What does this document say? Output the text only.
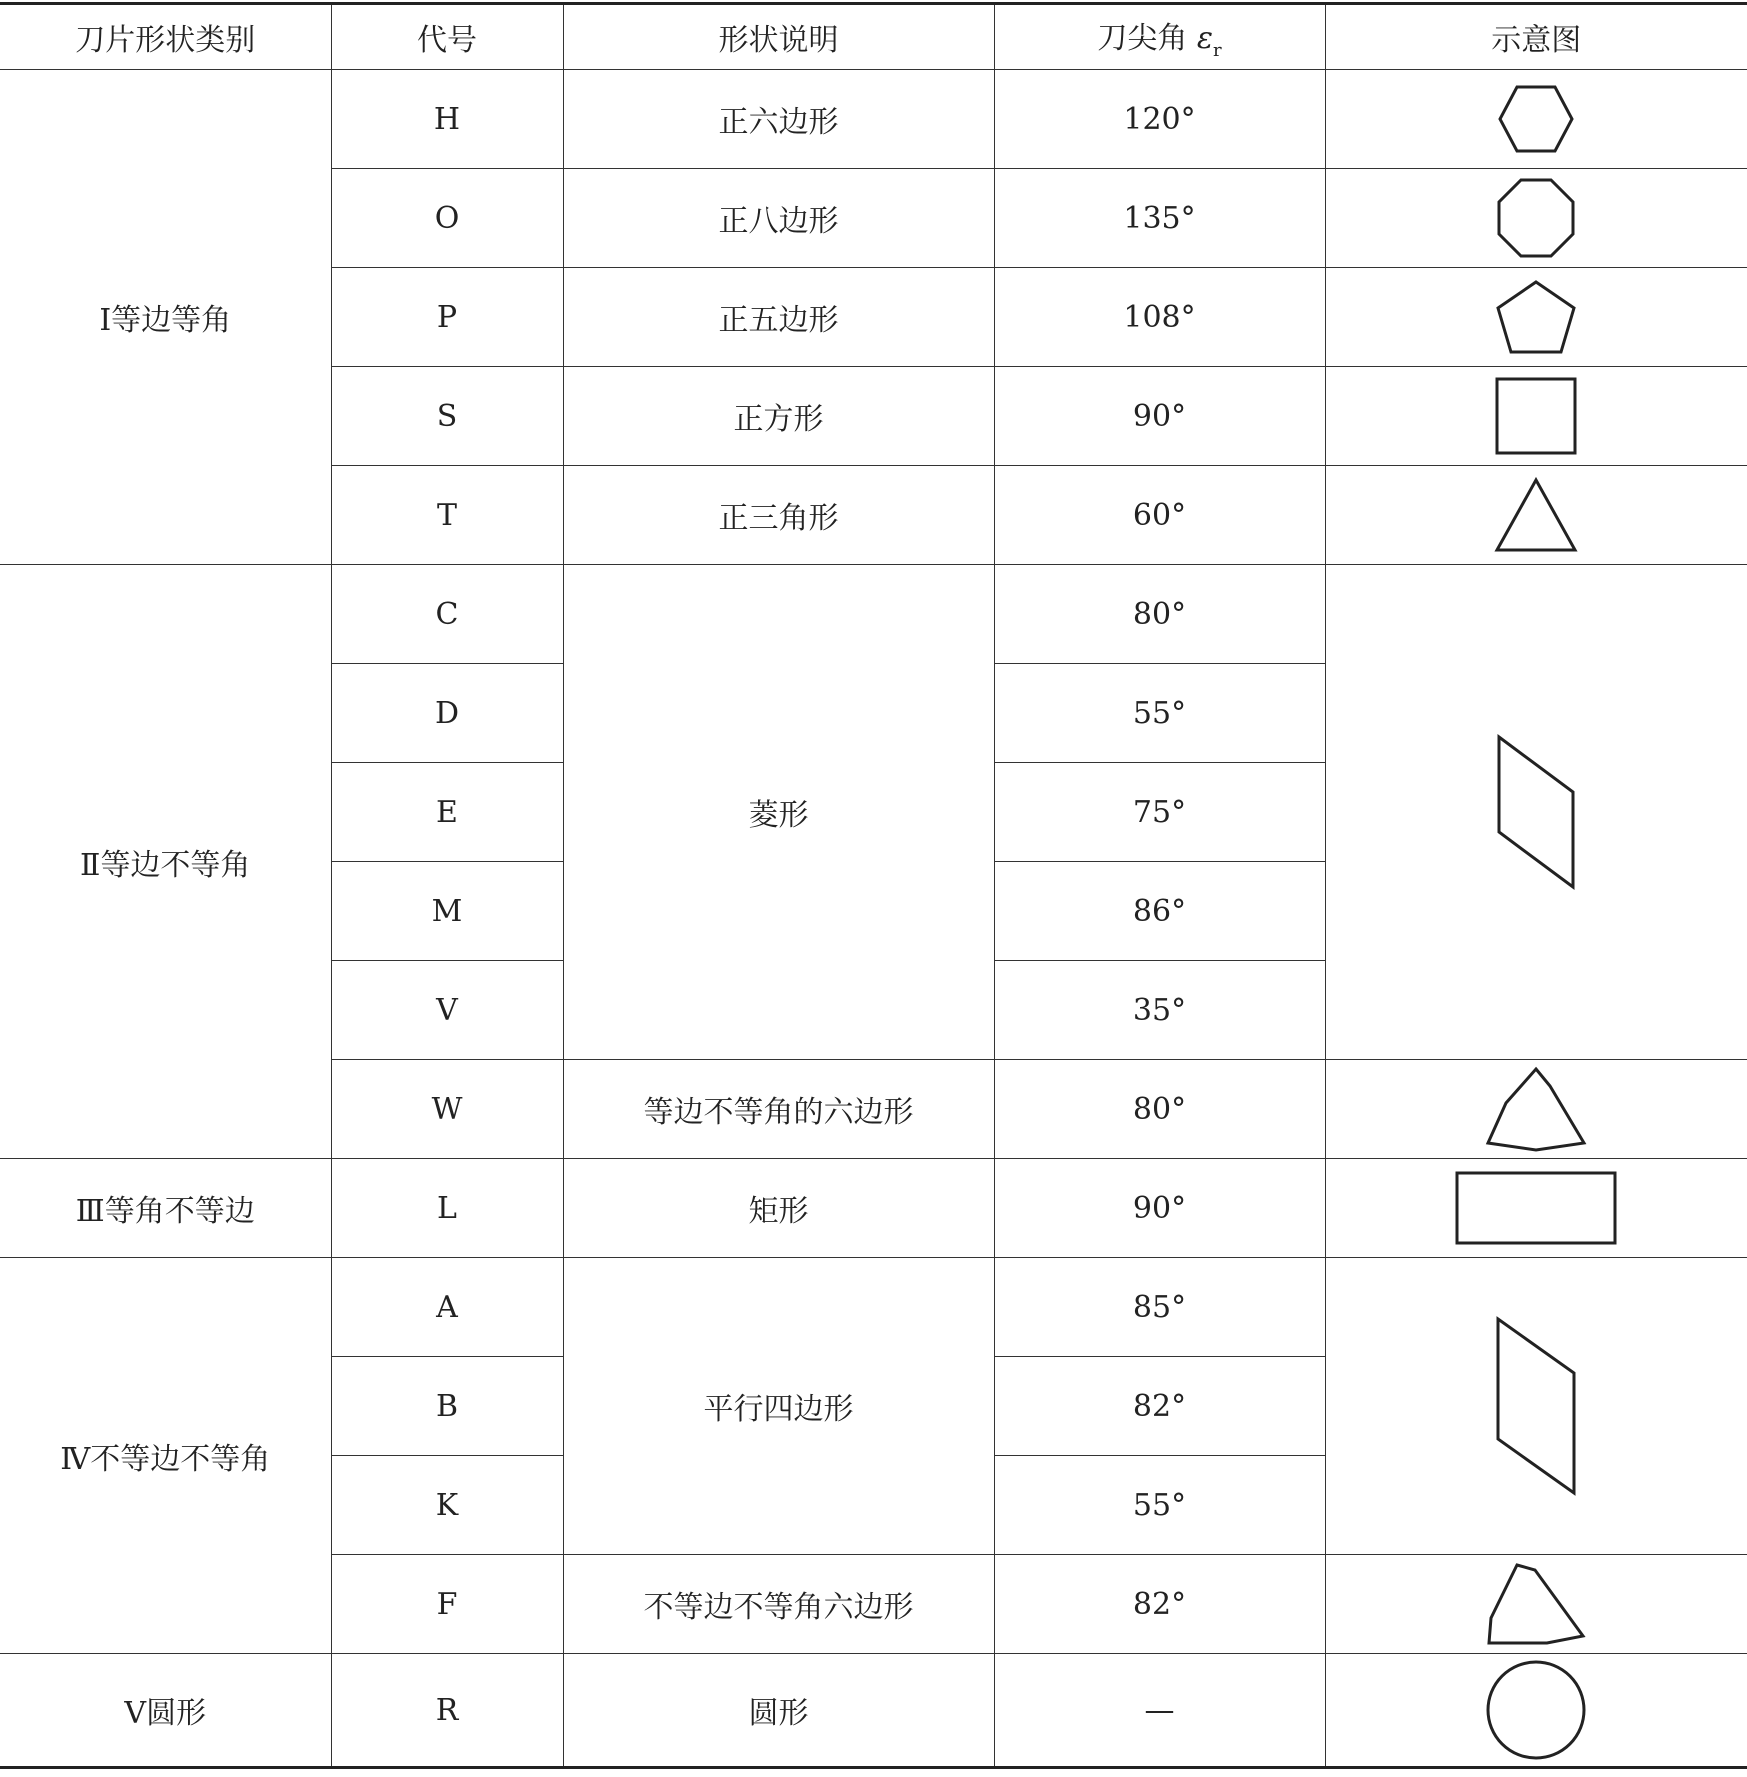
刀片形状类别	代号	形状说明	刀尖角 $\varepsilon_r$	示意图
Ⅰ等边等角	H	正六边形	120°	

	O	正八边形	135°	

	P	正五边形	108°	

	S	正方形	90°	

	T	正三角形	60°	

Ⅱ等边不等角	C	菱形	80°	

	D		55°	
	E		75°	
	M		86°	
	V		35°	
	W	等边不等角的六边形	80°	

Ⅲ等角不等边	L	矩形	90°	

Ⅳ不等边不等角	A	平行四边形	85°	

	B		82°	
	K		55°	
	F	不等边不等角六边形	82°	

Ⅴ圆形	R	圆形	—	
